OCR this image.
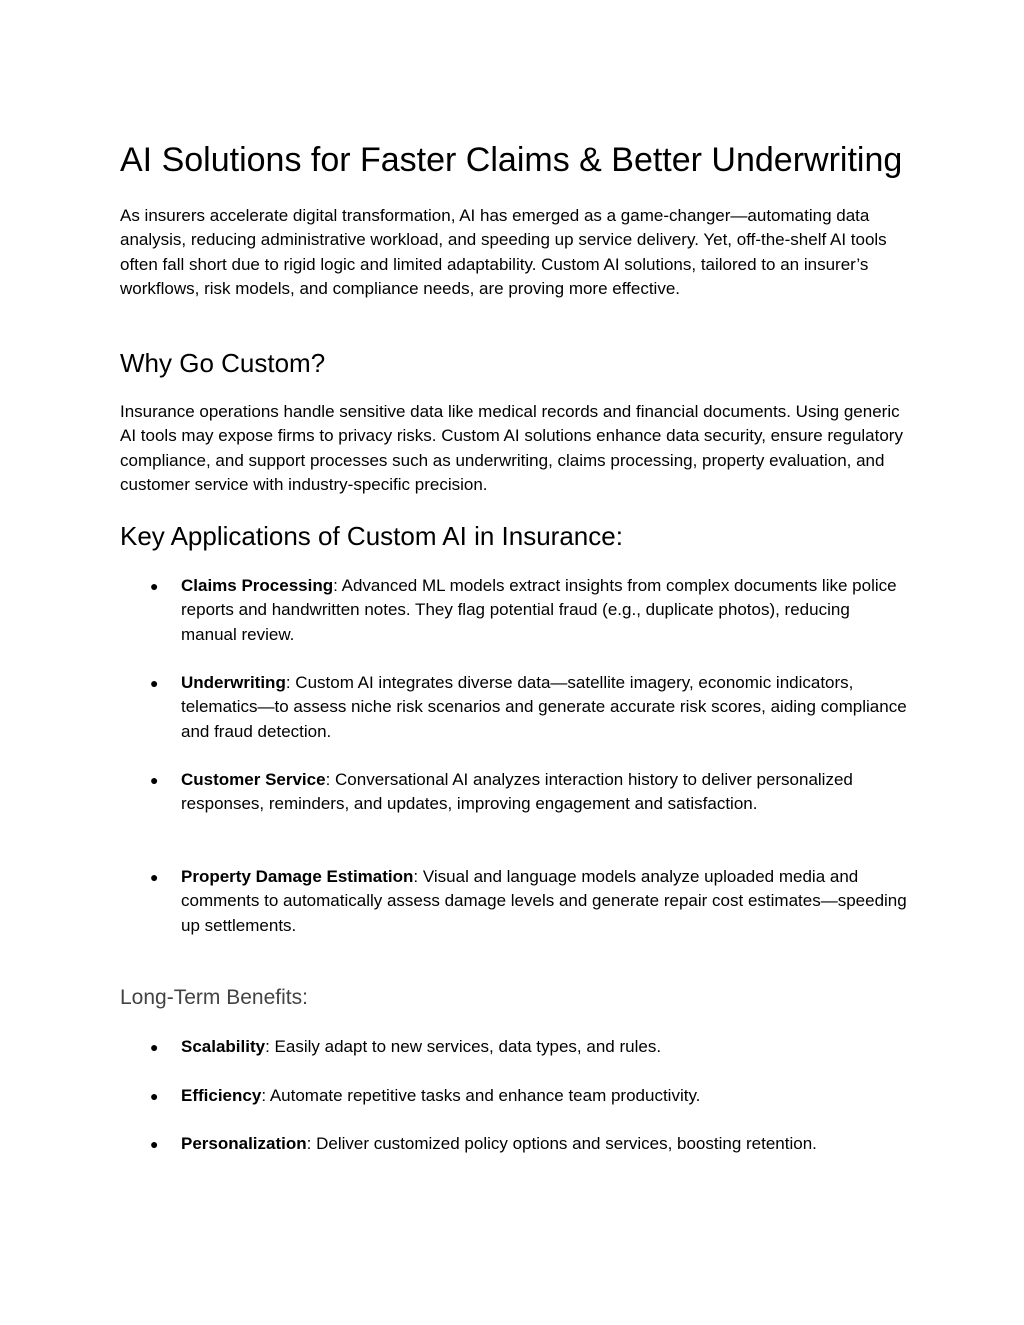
AI Solutions for Faster Claims & Better Underwriting

As insurers accelerate digital transformation, AI has emerged as a game-changer—automating data analysis, reducing administrative workload, and speeding up service delivery. Yet, off-the-shelf AI tools often fall short due to rigid logic and limited adaptability. Custom AI solutions, tailored to an insurer’s workflows, risk models, and compliance needs, are proving more effective.

Why Go Custom?

Insurance operations handle sensitive data like medical records and financial documents. Using generic AI tools may expose firms to privacy risks. Custom AI solutions enhance data security, ensure regulatory compliance, and support processes such as underwriting, claims processing, property evaluation, and customer service with industry-specific precision.

Key Applications of Custom AI in Insurance:
● Claims Processing: Advanced ML models extract insights from complex documents like police reports and handwritten notes. They flag potential fraud (e.g., duplicate photos), reducing manual review.
● Underwriting: Custom AI integrates diverse data—satellite imagery, economic indicators, telematics—to assess niche risk scenarios and generate accurate risk scores, aiding compliance and fraud detection.
● Customer Service: Conversational AI analyzes interaction history to deliver personalized responses, reminders, and updates, improving engagement and satisfaction.
● Property Damage Estimation: Visual and language models analyze uploaded media and comments to automatically assess damage levels and generate repair cost estimates—speeding up settlements.
Long-Term Benefits:
● Scalability: Easily adapt to new services, data types, and rules.
● Efficiency: Automate repetitive tasks and enhance team productivity.
● Personalization: Deliver customized policy options and services, boosting retention.
